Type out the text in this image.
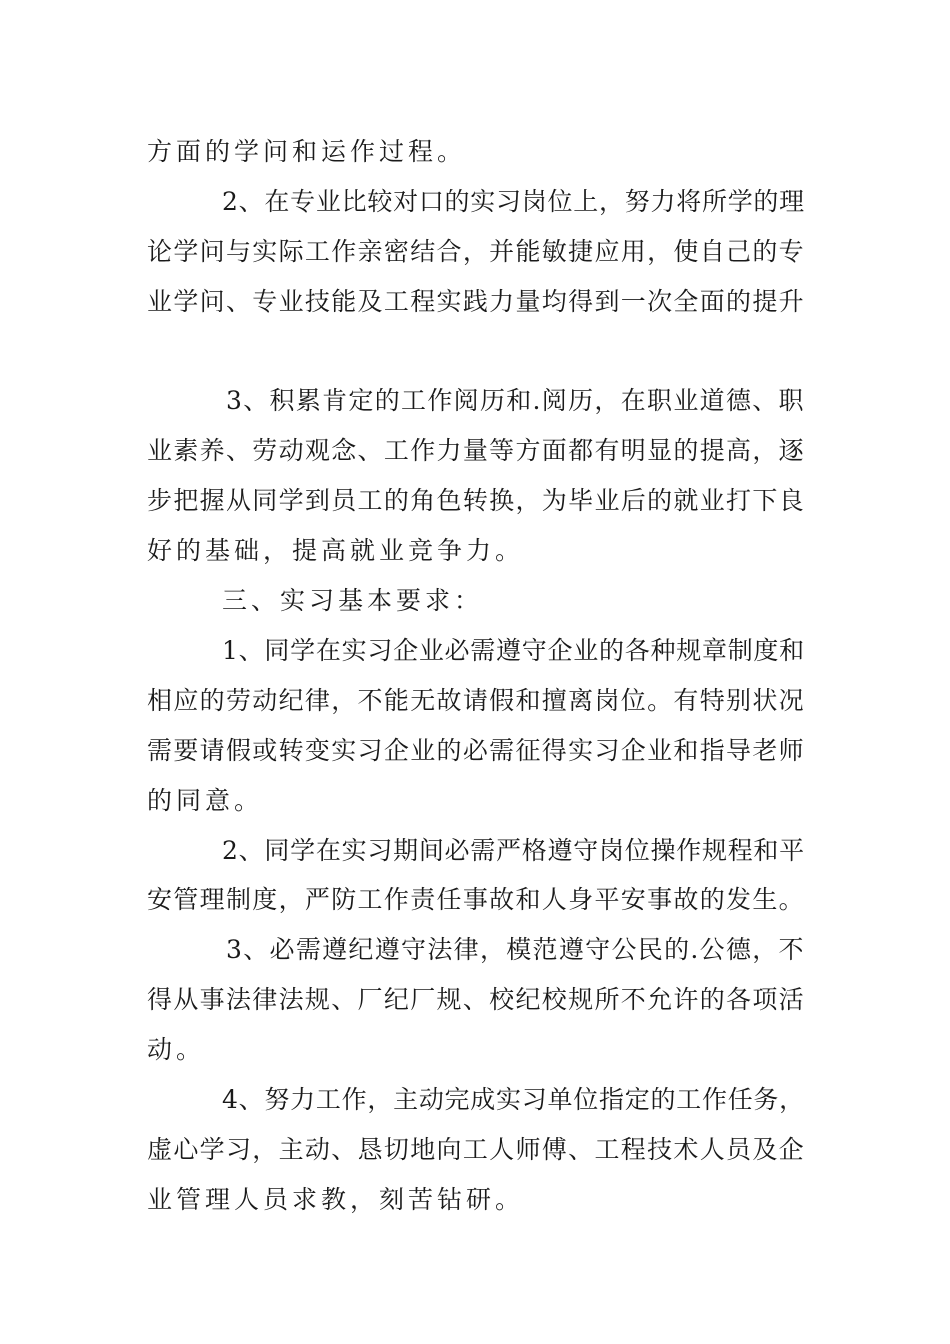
方面的学问和运作过程。
2、在专业比较对口的实习岗位上，努力将所学的理
论学问与实际工作亲密结合，并能敏捷应用，使自己的专
业学问、专业技能及工程实践力量均得到一次全面的提升
3、积累肯定的工作阅历和.阅历，在职业道德、职
业素养、劳动观念、工作力量等方面都有明显的提高，逐
步把握从同学到员工的角色转换，为毕业后的就业打下良
好的基础，提高就业竞争力。
三、实习基本要求：
1、同学在实习企业必需遵守企业的各种规章制度和
相应的劳动纪律，不能无故请假和擅离岗位。有特别状况
需要请假或转变实习企业的必需征得实习企业和指导老师
的同意。
2、同学在实习期间必需严格遵守岗位操作规程和平
安管理制度，严防工作责任事故和人身平安事故的发生。
3、必需遵纪遵守法律，模范遵守公民的.公德，不
得从事法律法规、厂纪厂规、校纪校规所不允许的各项活
动。
4、努力工作，主动完成实习单位指定的工作任务，
虚心学习，主动、恳切地向工人师傅、工程技术人员及企
业管理人员求教，刻苦钻研。
